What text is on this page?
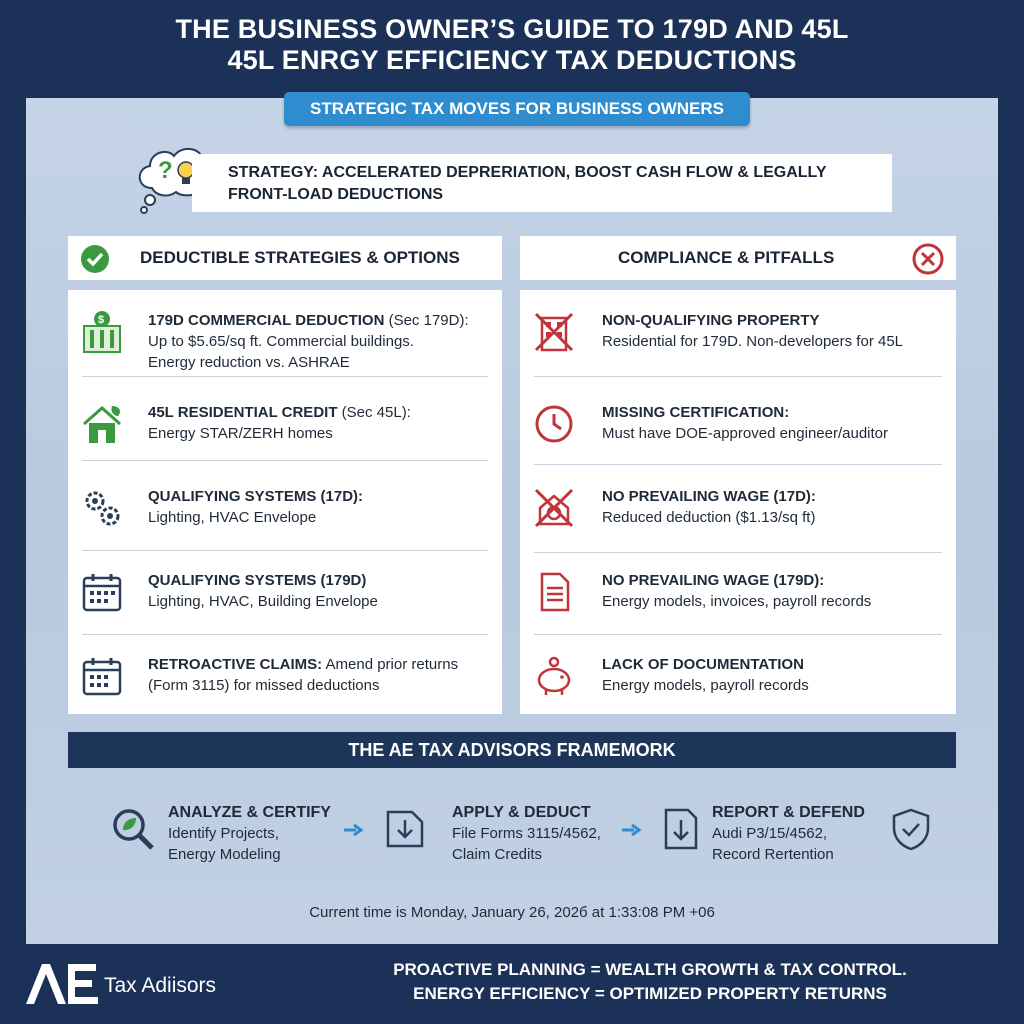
THE BUSINESS OWNER’S GUIDE TO 179D AND 45L
45L ENRGY EFFICIENCY TAX DEDUCTIONS
STRATEGIC TAX MOVES FOR BUSINESS OWNERS
?	STRATEGY: ACCELERATED DEPRERIATION, BOOST CASH FLOW & LEGALLY
FRONT-LOAD DEDUCTIONS
DEDUCTIBLE STRATEGIES & OPTIONS	COMPLIANCE & PITFALLS
$	179D COMMERCIAL DEDUCTION (Sec 179D):
Up to $5.65/sq ft. Commercial buildings.
Energy reduction vs. ASHRAE
45L RESIDENTIAL CREDIT (Sec 45L):
Energy STAR/ZERH homes
QUALIFYING SYSTEMS (17D):
Lighting, HVAC Envelope
QUALIFYING SYSTEMS (179D)
Lighting, HVAC, Building Envelope
RETROACTIVE CLAIMS: Amend prior returns
(Form 3115) for missed deductions
NON-QUALIFYING PROPERTY
Residential for 179D. Non-developers for 45L
MISSING CERTIFICATION:
Must have DOE-approved engineer/auditor
NO PREVAILING WAGE (17D):
Reduced deḋuction ($1.13/sq ft)
NO PREVAILING WAGE (179D):
Energy models, invoices, payroll records
LACK OF DOCUMENTATION
Energy models, payroll records
THE AE TAX ADVISORS FRAMEMORK
ANALYZE & CERTIFY
Identify Projects,
Energy Modeling
APPLY & DEDUCT
File Forms 3115/4562,
Claim Credits
REPORT & DEFEND
Audi P3/15/4562,
Record Rertention
Current time is Monday, January 26, 202б at 1:33:08 PM +06
Tax Adiisors
PROACTIVE PLANNING = WEALTH GROWTH & TAX CONTROL.
ENERGY EFFICIENCY = OPTIMIZED PROPERTY RETURNS
